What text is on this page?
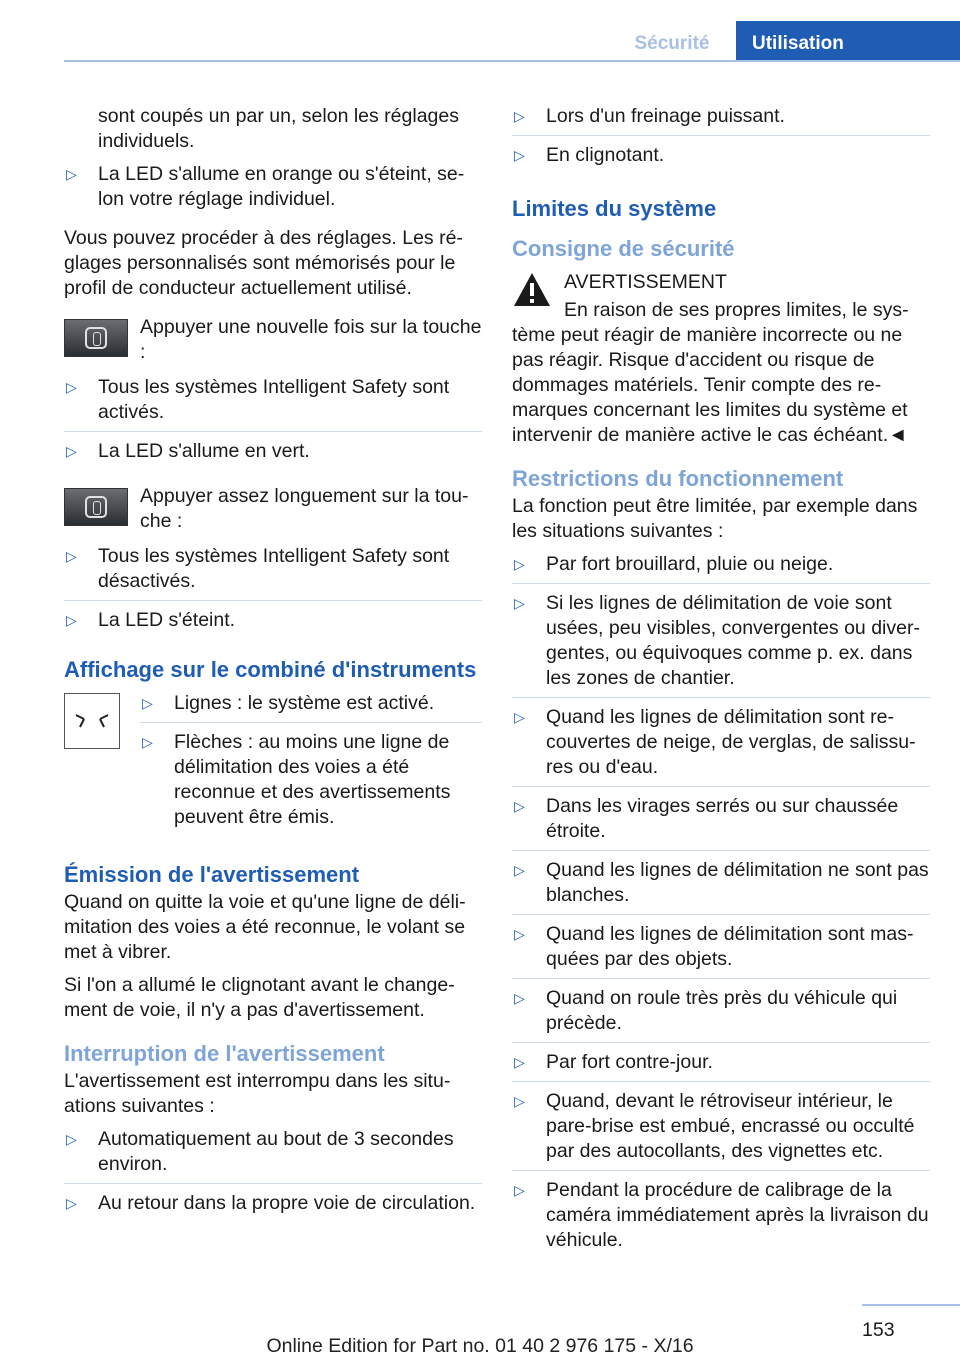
Sécurité	Utilisation

sont coupés un par un, selon les réglages individuels.

▷ La LED s'allume en orange ou s'éteint, selon votre réglage individuel.

Vous pouvez procéder à des réglages. Les réglages personnalisés sont mémorisés pour le profil de conducteur actuellement utilisé.

Appuyer une nouvelle fois sur la touche :
▷ Tous les systèmes Intelligent Safety sont activés.
▷ La LED s'allume en vert.
Appuyer assez longuement sur la touche :
▷ Tous les systèmes Intelligent Safety sont désactivés.
▷ La LED s'éteint.
Affichage sur le combiné d'instruments
▷ Lignes : le système est activé.
▷ Flèches : au moins une ligne de délimitation des voies a été reconnue et des avertissements peuvent être émis.
Émission de l'avertissement

Quand on quitte la voie et qu'une ligne de délimitation des voies a été reconnue, le volant se met à vibrer.

Si l'on a allumé le clignotant avant le changement de voie, il n'y a pas d'avertissement.

Interruption de l'avertissement

L'avertissement est interrompu dans les situations suivantes :

▷ Automatiquement au bout de 3 secondes environ.
▷ Au retour dans la propre voie de circulation.
▷ Lors d'un freinage puissant.
▷ En clignotant.
Limites du système
Consigne de sécurité
AVERTISSEMENT

En raison de ses propres limites, le système peut réagir de manière incorrecte ou ne pas réagir. Risque d'accident ou risque de dommages matériels. Tenir compte des remarques concernant les limites du système et intervenir de manière active le cas échéant.◄

Restrictions du fonctionnement

La fonction peut être limitée, par exemple dans les situations suivantes :

▷ Par fort brouillard, pluie ou neige.
▷ Si les lignes de délimitation de voie sont usées, peu visibles, convergentes ou divergentes, ou équivoques comme p. ex. dans les zones de chantier.
▷ Quand les lignes de délimitation sont recouvertes de neige, de verglas, de salissures ou d'eau.
▷ Dans les virages serrés ou sur chaussée étroite.
▷ Quand les lignes de délimitation ne sont pas blanches.
▷ Quand les lignes de délimitation sont masquées par des objets.
▷ Quand on roule très près du véhicule qui précède.
▷ Par fort contre-jour.
▷ Quand, devant le rétroviseur intérieur, le pare-brise est embué, encrassé ou occulté par des autocollants, des vignettes etc.
▷ Pendant la procédure de calibrage de la caméra immédiatement après la livraison du véhicule.
153
Online Edition for Part no. 01 40 2 976 175 - X/16
